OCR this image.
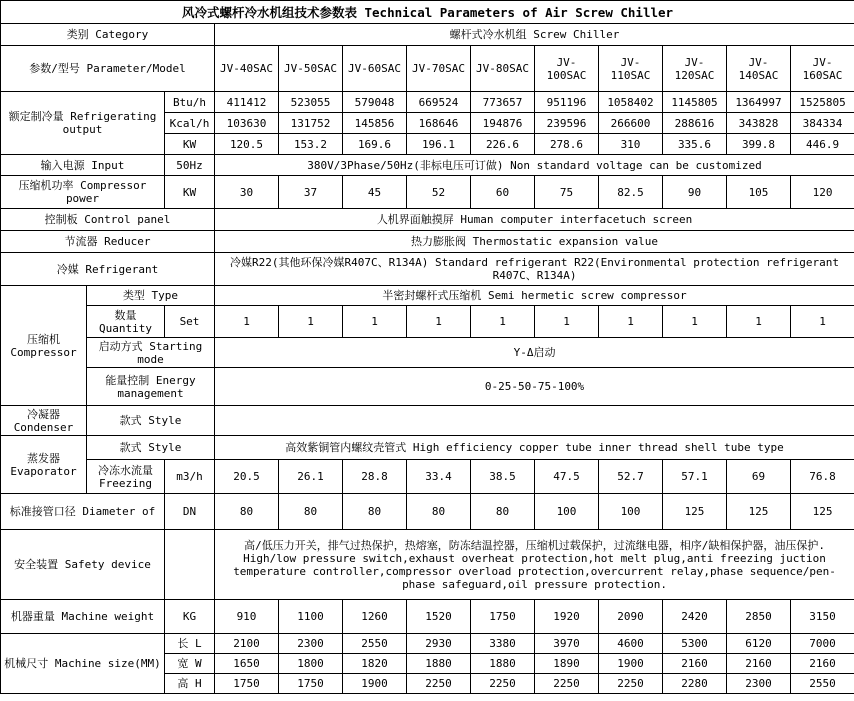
风冷式螺杆冷水机组技术参数表 Technical Parameters of Air Screw Chiller												
类别 Category			螺杆式冷水机组 Screw Chiller									
参数/型号 Parameter/Model			JV-40SAC	JV-50SAC	JV-60SAC	JV-70SAC	JV-80SAC	JV-100SAC	JV-110SAC	JV-120SAC	JV-140SAC	JV-160SAC
额定制冷量 Refrigerating output		Btu/h	411412	523055	579048	669524	773657	951196	1058402	1145805	1364997	1525805
		Kcal/h	103630	131752	145856	168646	194876	239596	266600	288616	343828	384334
		KW	120.5	153.2	169.6	196.1	226.6	278.6	310	335.6	399.8	446.9
输入电源 Input		50Hz	380V/3Phase/50Hz(非标电压可订做) Non standard voltage can be customized									
压缩机功率 Compressor power		KW	30	37	45	52	60	75	82.5	90	105	120
控制板 Control panel			人机界面触摸屏 Human computer interfacetuch screen									
节流器 Reducer			热力膨胀阀 Thermostatic expansion value									
冷媒 Refrigerant			冷媒R22(其他环保冷媒R407C、R134A) Standard refrigerant R22(Environmental protection refrigerant R407C、R134A)									
压缩机 Compressor	类型 Type		半密封螺杆式压缩机 Semi hermetic screw compressor									
	数量 Quantity	Set	1	1	1	1	1	1	1	1	1	1
	启动方式 Starting mode		Y-Δ启动									
	能量控制 Energy management		0-25-50-75-100%									
冷凝器 Condenser	款式 Style											
蒸发器 Evaporator	款式 Style		高效紫铜管内螺纹壳管式 High efficiency copper tube inner thread shell tube type									
	冷冻水流量 Freezing	m3/h	20.5	26.1	28.8	33.4	38.5	47.5	52.7	57.1	69	76.8
标准接管口径 Diameter of		DN	80	80	80	80	80	100	100	125	125	125
安全装置 Safety device			高/低压力开关，排气过热保护，热熔塞，防冻结温控器，压缩机过载保护，过流继电器，相序/缺相保护器，油压保护. High/low pressure switch,exhaust overheat protection,hot melt plug,anti freezing juction temperature controller,compressor overload protection,overcurrent relay,phase sequence/pen-phase safeguard,oil pressure protection.									
机器重量 Machine weight		KG	910	1100	1260	1520	1750	1920	2090	2420	2850	3150
机械尺寸 Machine size(MM)		长 L	2100	2300	2550	2930	3380	3970	4600	5300	6120	7000
		宽 W	1650	1800	1820	1880	1880	1890	1900	2160	2160	2160
		高 H	1750	1750	1900	2250	2250	2250	2250	2280	2300	2550
